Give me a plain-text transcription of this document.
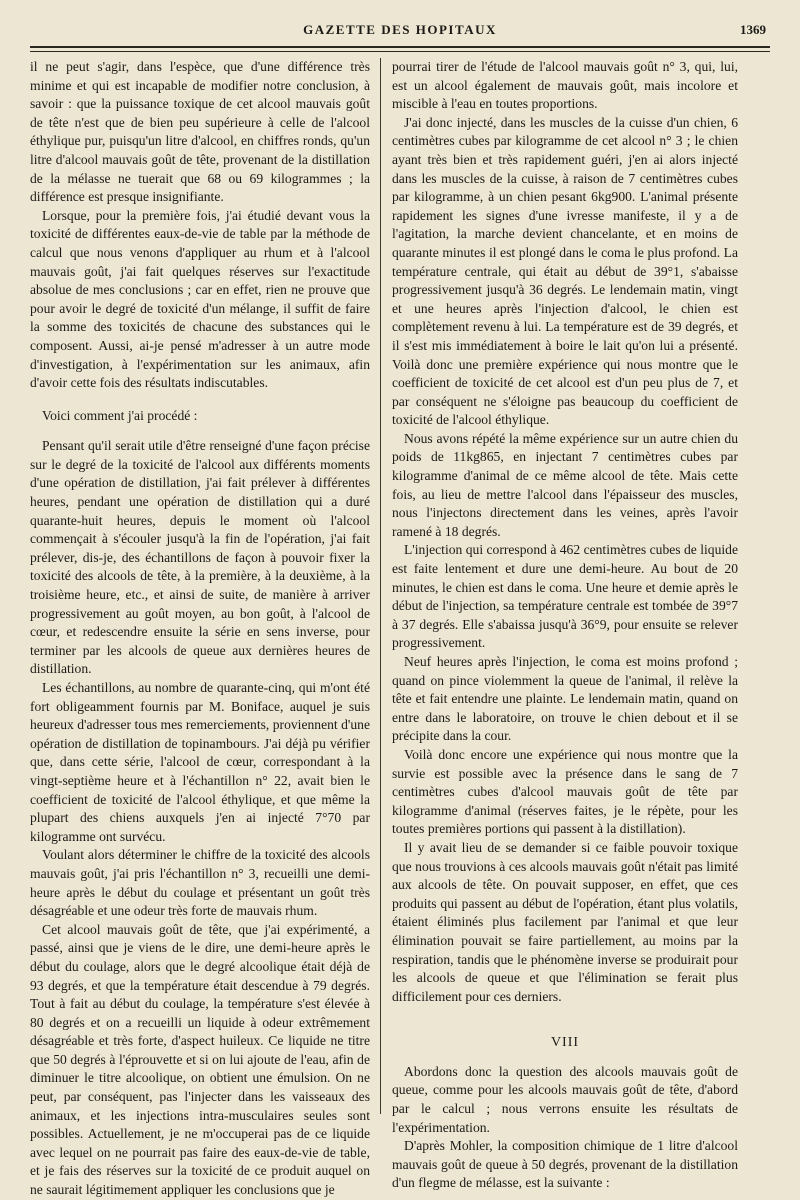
GAZETTE DES HOPITAUX	1369

il ne peut s'agir, dans l'espèce, que d'une différence très minime et qui est incapable de modifier notre conclusion, à savoir : que la puissance toxique de cet alcool mauvais goût de tête n'est que de bien peu supérieure à celle de l'alcool éthylique pur, puisqu'un litre d'alcool, en chiffres ronds, qu'un litre d'alcool mauvais goût de tête, provenant de la distillation de la mélasse ne tuerait que 68 ou 69 kilogrammes ; la différence est presque insignifiante.

Lorsque, pour la première fois, j'ai étudié devant vous la toxicité de différentes eaux-de-vie de table par la méthode de calcul que nous venons d'appliquer au rhum et à l'alcool mauvais goût, j'ai fait quelques réserves sur l'exactitude absolue de mes conclusions ; car en effet, rien ne prouve que pour avoir le degré de toxicité d'un mélange, il suffit de faire la somme des toxicités de chacune des substances qui le composent. Aussi, ai-je pensé m'adresser à un autre mode d'investigation, à l'expérimentation sur les animaux, afin d'avoir cette fois des résultats indiscutables.

Voici comment j'ai procédé :

Pensant qu'il serait utile d'être renseigné d'une façon précise sur le degré de la toxicité de l'alcool aux différents moments d'une opération de distillation, j'ai fait prélever à différentes heures, pendant une opération de distillation qui a duré quarante-huit heures, depuis le moment où l'alcool commençait à s'écouler jusqu'à la fin de l'opération, j'ai fait prélever, dis-je, des échantillons de façon à pouvoir fixer la toxicité des alcools de tête, à la première, à la deuxième, à la troisième heure, etc., et ainsi de suite, de manière à arriver progressivement au goût moyen, au bon goût, à l'alcool de cœur, et redescendre ensuite la série en sens inverse, pour terminer par les alcools de queue aux dernières heures de distillation.

Les échantillons, au nombre de quarante-cinq, qui m'ont été fort obligeamment fournis par M. Boniface, auquel je suis heureux d'adresser tous mes remerciements, proviennent d'une opération de distillation de topinambours. J'ai déjà pu vérifier que, dans cette série, l'alcool de cœur, correspondant à la vingt-septième heure et à l'échantillon n° 22, avait bien le coefficient de toxicité de l'alcool éthylique, et que même la plupart des chiens auxquels j'en ai injecté 7°70 par kilogramme ont survécu.

Voulant alors déterminer le chiffre de la toxicité des alcools mauvais goût, j'ai pris l'échantillon n° 3, recueilli une demi-heure après le début du coulage et présentant un goût très désagréable et une odeur très forte de mauvais rhum.

Cet alcool mauvais goût de tête, que j'ai expérimenté, a passé, ainsi que je viens de le dire, une demi-heure après le début du coulage, alors que le degré alcoolique était déjà de 93 degrés, et que la température était descendue à 79 degrés. Tout à fait au début du coulage, la température s'est élevée à 80 degrés et on a recueilli un liquide à odeur extrêmement désagréable et très forte, d'aspect huileux. Ce liquide ne titre que 50 degrés à l'éprouvette et si on lui ajoute de l'eau, afin de diminuer le titre alcoolique, on obtient une émulsion. On ne peut, par conséquent, pas l'injecter dans les vaisseaux des animaux, et les injections intra-musculaires seules sont possibles. Actuellement, je ne m'occuperai pas de ce liquide avec lequel on ne pourrait pas faire des eaux-de-vie de table, et je fais des réserves sur la toxicité de ce produit auquel on ne saurait légitimement appliquer les conclusions que je

pourrai tirer de l'étude de l'alcool mauvais goût n° 3, qui, lui, est un alcool également de mauvais goût, mais incolore et miscible à l'eau en toutes proportions.

J'ai donc injecté, dans les muscles de la cuisse d'un chien, 6 centimètres cubes par kilogramme de cet alcool n° 3 ; le chien ayant très bien et très rapidement guéri, j'en ai alors injecté dans les muscles de la cuisse, à raison de 7 centimètres cubes par kilogramme, à un chien pesant 6kg900. L'animal présente rapidement les signes d'une ivresse manifeste, il y a de l'agitation, la marche devient chancelante, et en moins de quarante minutes il est plongé dans le coma le plus profond. La température centrale, qui était au début de 39°1, s'abaisse progressivement jusqu'à 36 degrés. Le lendemain matin, vingt et une heures après l'injection d'alcool, le chien est complètement revenu à lui. La température est de 39 degrés, et il s'est mis immédiatement à boire le lait qu'on lui a présenté. Voilà donc une première expérience qui nous montre que le coefficient de toxicité de cet alcool est d'un peu plus de 7, et par conséquent ne s'éloigne pas beaucoup du coefficient de toxicité de l'alcool éthylique.

Nous avons répété la même expérience sur un autre chien du poids de 11kg865, en injectant 7 centimètres cubes par kilogramme d'animal de ce même alcool de tête. Mais cette fois, au lieu de mettre l'alcool dans l'épaisseur des muscles, nous l'injectons directement dans les veines, après l'avoir ramené à 18 degrés.

L'injection qui correspond à 462 centimètres cubes de liquide est faite lentement et dure une demi-heure. Au bout de 20 minutes, le chien est dans le coma. Une heure et demie après le début de l'injection, sa température centrale est tombée de 39°7 à 37 degrés. Elle s'abaissa jusqu'à 36°9, pour ensuite se relever progressivement.

Neuf heures après l'injection, le coma est moins profond ; quand on pince violemment la queue de l'animal, il relève la tête et fait entendre une plainte. Le lendemain matin, quand on entre dans le laboratoire, on trouve le chien debout et il se précipite dans la cour.

Voilà donc encore une expérience qui nous montre que la survie est possible avec la présence dans le sang de 7 centimètres cubes d'alcool mauvais goût de tête par kilogramme d'animal (réserves faites, je le répète, pour les toutes premières portions qui passent à la distillation).

Il y avait lieu de se demander si ce faible pouvoir toxique que nous trouvions à ces alcools mauvais goût n'était pas limité aux alcools de tête. On pouvait supposer, en effet, que ces produits qui passent au début de l'opération, étant plus volatils, étaient éliminés plus facilement par l'animal et que leur élimination pouvait se faire partiellement, au moins par la respiration, tandis que le phénomène inverse se produirait pour les alcools de queue et que l'élimination se ferait plus difficilement pour ces derniers.

VIII

Abordons donc la question des alcools mauvais goût de queue, comme pour les alcools mauvais goût de tête, d'abord par le calcul ; nous verrons ensuite les résultats de l'expérimentation.

D'après Mohler, la composition chimique de 1 litre d'alcool mauvais goût de queue à 50 degrés, provenant de la distillation d'un flegme de mélasse, est la suivante :
